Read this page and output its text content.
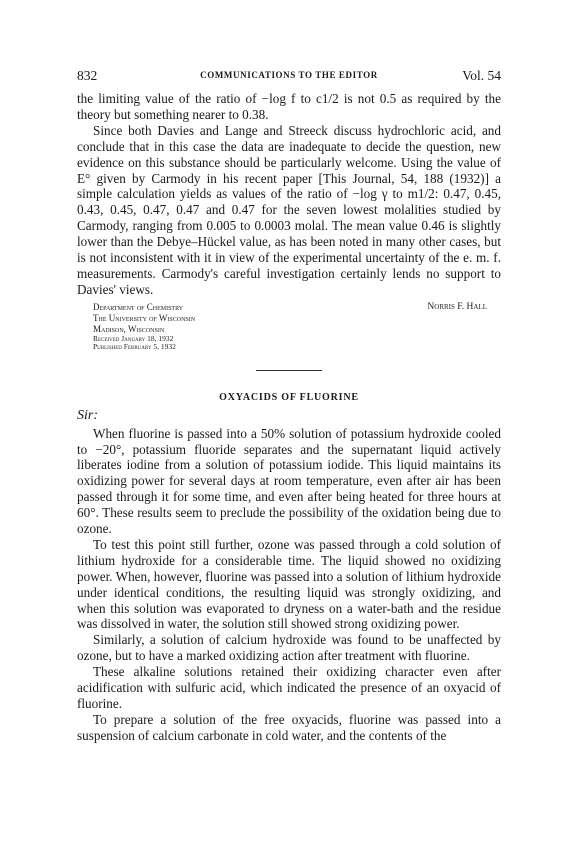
832	COMMUNICATIONS TO THE EDITOR	Vol. 54

the limiting value of the ratio of −log f to c1/2 is not 0.5 as required by the theory but something nearer to 0.38.

Since both Davies and Lange and Streeck discuss hydrochloric acid, and conclude that in this case the data are inadequate to decide the question, new evidence on this substance should be particularly welcome. Using the value of E° given by Carmody in his recent paper [This Journal, 54, 188 (1932)] a simple calculation yields as values of the ratio of −log γ to m1/2: 0.47, 0.45, 0.43, 0.45, 0.47, 0.47 and 0.47 for the seven lowest molalities studied by Carmody, ranging from 0.005 to 0.0003 molal. The mean value 0.46 is slightly lower than the Debye–Hückel value, as has been noted in many other cases, but is not inconsistent with it in view of the experimental uncertainty of the e. m. f. measurements. Carmody's careful investigation certainly lends no support to Davies' views.

Department of Chemistry
The University of Wisconsin
Madison, Wisconsin
Received January 18, 1932
Published February 5, 1932
Norris F. Hall
OXYACIDS OF FLUORINE
Sir:

When fluorine is passed into a 50% solution of potassium hydroxide cooled to −20°, potassium fluoride separates and the supernatant liquid actively liberates iodine from a solution of potassium iodide. This liquid maintains its oxidizing power for several days at room temperature, even after air has been passed through it for some time, and even after being heated for three hours at 60°. These results seem to preclude the possibility of the oxidation being due to ozone.

To test this point still further, ozone was passed through a cold solution of lithium hydroxide for a considerable time. The liquid showed no oxidizing power. When, however, fluorine was passed into a solution of lithium hydroxide under identical conditions, the resulting liquid was strongly oxidizing, and when this solution was evaporated to dryness on a water-bath and the residue was dissolved in water, the solution still showed strong oxidizing power.

Similarly, a solution of calcium hydroxide was found to be unaffected by ozone, but to have a marked oxidizing action after treatment with fluorine.

These alkaline solutions retained their oxidizing character even after acidification with sulfuric acid, which indicated the presence of an oxyacid of fluorine.

To prepare a solution of the free oxyacids, fluorine was passed into a suspension of calcium carbonate in cold water, and the contents of the
